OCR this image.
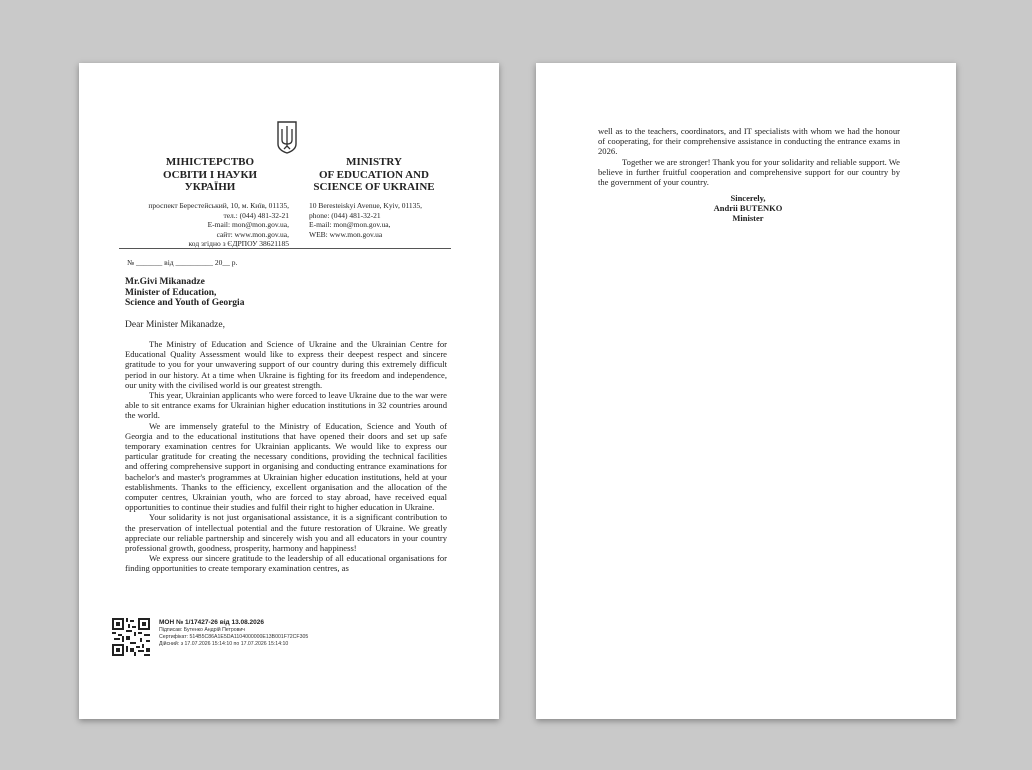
МІНІСТЕРСТВО
ОСВІТИ І НАУКИ
УКРАЇНИ
MINISTRY
OF EDUCATION AND
SCIENCE OF UKRAINE
проспект Берестейський, 10, м. Київ, 01135,
тел.: (044) 481-32-21
E-mail: mon@mon.gov.ua,
сайт: www.mon.gov.ua,
код згідно з ЄДРПОУ 38621185
10 Beresteiskyi Avenue, Kyiv, 01135,
phone: (044) 481-32-21
E-mail: mon@mon.gov.ua,
WEB: www.mon.gov.ua
№ _______ від __________ 20__ р.
Mr.Givi Mikanadze
Minister of Education,
Science and Youth of Georgia
Dear Minister Mikanadze,

The Ministry of Education and Science of Ukraine and the Ukrainian Centre for Educational Quality Assessment would like to express their deepest respect and sincere gratitude to you for your unwavering support of our country during this extremely difficult period in our history. At a time when Ukraine is fighting for its freedom and independence, our unity with the civilised world is our greatest strength.

This year, Ukrainian applicants who were forced to leave Ukraine due to the war were able to sit entrance exams for Ukrainian higher education institutions in 32 countries around the world.

We are immensely grateful to the Ministry of Education, Science and Youth of Georgia and to the educational institutions that have opened their doors and set up safe temporary examination centres for Ukrainian applicants. We would like to express our particular gratitude for creating the necessary conditions, providing the technical facilities and offering comprehensive support in organising and conducting entrance examinations for bachelor's and master's programmes at Ukrainian higher education institutions, held at your establishments. Thanks to the efficiency, excellent organisation and the allocation of the computer centres, Ukrainian youth, who are forced to stay abroad, have received equal opportunities to continue their studies and fulfil their right to higher education in Ukraine.

Your solidarity is not just organisational assistance, it is a significant contribution to the preservation of intellectual potential and the future restoration of Ukraine. We greatly appreciate our reliable partnership and sincerely wish you and all educators in your country professional growth, goodness, prosperity, harmony and happiness!

We express our sincere gratitude to the leadership of all educational organisations for finding opportunities to create temporary examination centres, as

МОН № 1/17427-26 від 13.08.2026
Підписав: Бутенко Андрій Петрович
Сертифікат: 514B5C86A1E5DA1104000000E13B001F72CF305
Дійсний: з 17.07.2026 15:14:10 по 17.07.2026 15:14:10

well as to the teachers, coordinators, and IT specialists with whom we had the honour of cooperating, for their comprehensive assistance in conducting the entrance exams in 2026.

Together we are stronger! Thank you for your solidarity and reliable support. We believe in further fruitful cooperation and comprehensive support for our country by the government of your country.

Sincerely,
Andrii BUTENKO
Minister
